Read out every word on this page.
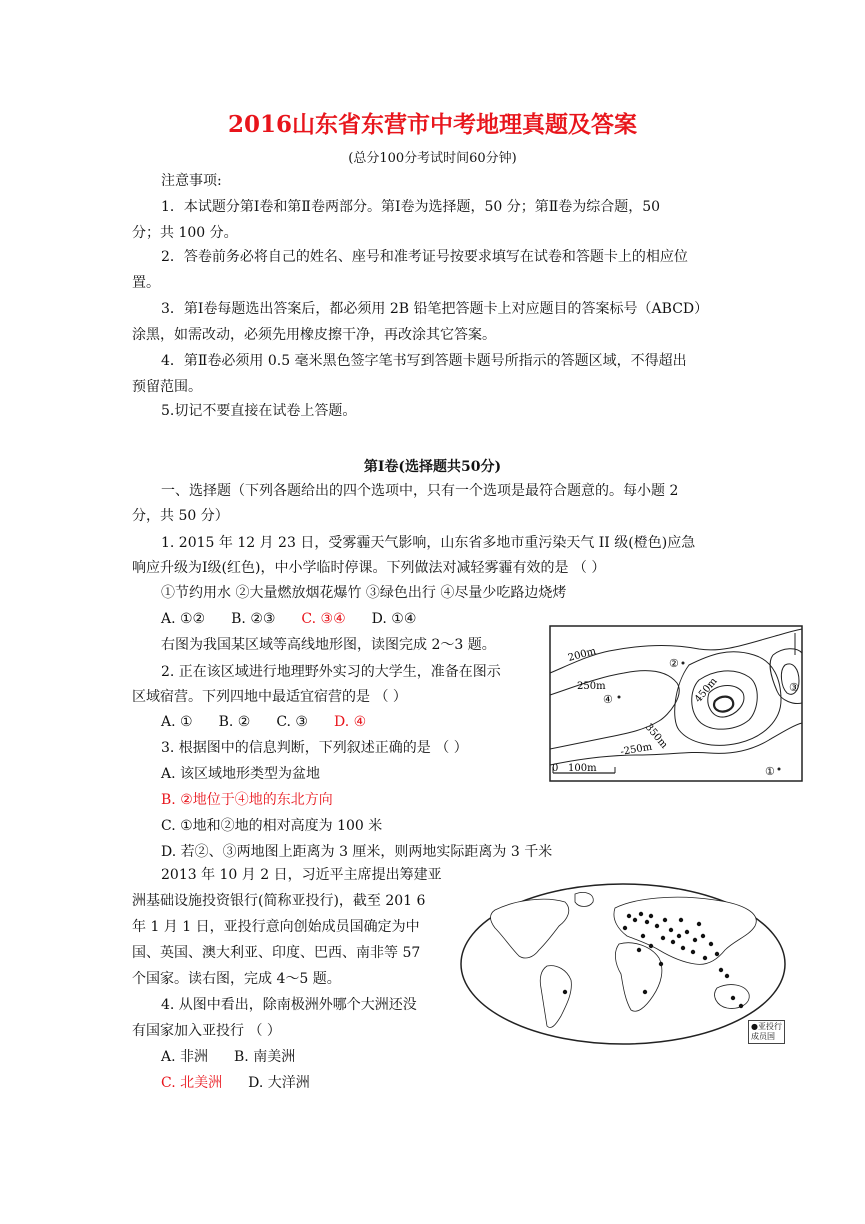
2016山东省东营市中考地理真题及答案
(总分100分考试时间60分钟)
注意事项:
1．本试题分第Ⅰ卷和第Ⅱ卷两部分。第Ⅰ卷为选择题，50 分；第Ⅱ卷为综合题，50
分；共 100 分。
2．答卷前务必将自己的姓名、座号和准考证号按要求填写在试卷和答题卡上的相应位
置。
3．第Ⅰ卷每题选出答案后，都必须用 2B 铅笔把答题卡上对应题目的答案标号（ABCD）
涂黑，如需改动，必须先用橡皮擦干净，再改涂其它答案。
4．第Ⅱ卷必须用 0.5 毫米黑色签字笔书写到答题卡题号所指示的答题区域，不得超出
预留范围。
5.切记不要直接在试卷上答题。
第Ⅰ卷(选择题共50分)
一、选择题（下列各题给出的四个选项中，只有一个选项是最符合题意的。每小题 2
分，共 50 分）
1. 2015 年 12 月 23 日，受雾霾天气影响，山东省多地市重污染天气 II 级(橙色)应急
响应升级为Ⅰ级(红色)，中小学临时停课。下列做法对减轻雾霾有效的是 （ ）
①节约用水 ②大量燃放烟花爆竹 ③绿色出行 ④尽量少吃路边烧烤
A. ①② B. ②③ C. ③④ D. ①④
右图为我国某区域等高线地形图，读图完成 2～3 题。
2. 正在该区域进行地理野外实习的大学生，准备在图示
区域宿营。下列四地中最适宜宿营的是 （ ）
A. ① B. ② C. ③ D. ④
3. 根据图中的信息判断，下列叙述正确的是 （ ）
A. 该区域地形类型为盆地
B. ②地位于④地的东北方向
C. ①地和②地的相对高度为 100 米
D. 若②、③两地图上距离为 3 厘米，则两地实际距离为 3 千米
200m
250m	450m
350m
-250m
②
④
③
①
0 100m
2013 年 10 月 2 日，习近平主席提出筹建亚
洲基础设施投资银行(简称亚投行)，截至 201 6
年 1 月 1 日，亚投行意向创始成员国确定为中
国、英国、澳大利亚、印度、巴西、南非等 57
个国家。读右图，完成 4～5 题。
4. 从图中看出，除南极洲外哪个大洲还没
有国家加入亚投行 （ ）
A. 非洲 B. 南美洲
C. 北美洲 D. 大洋洲
●亚投行
成员国
